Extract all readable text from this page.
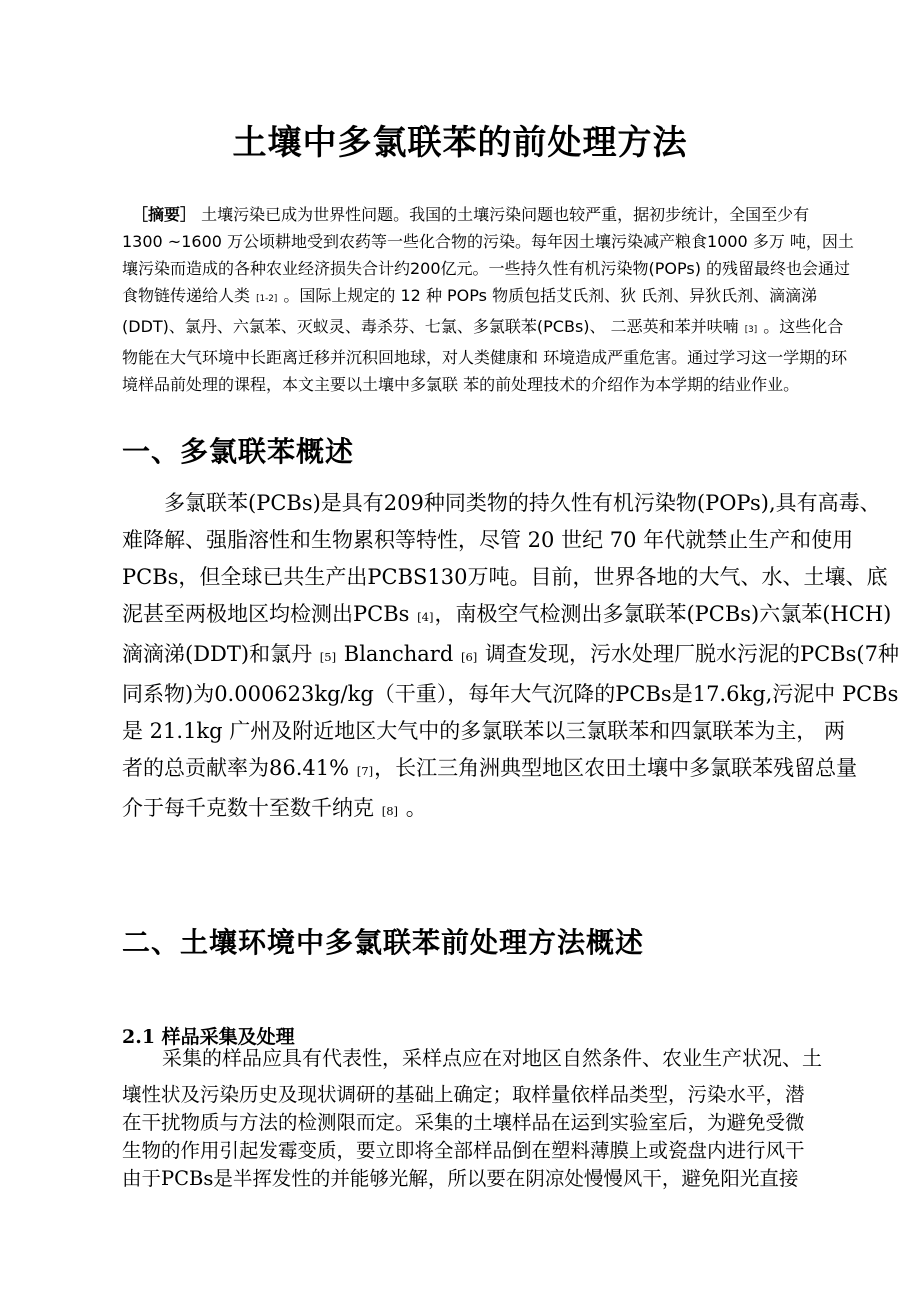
土壤中多氯联苯的前处理方法
［摘要］ 土壤污染已成为世界性问题。我国的土壤污染问题也较严重，据初步统计，全国至少有
1300 ~1600 万公顷耕地受到农药等一些化合物的污染。每年因土壤污染减产粮食1000 多万 吨，因土
壤污染而造成的各种农业经济损失合计约200亿元。一些持久性有机污染物(POPs) 的残留最终也会通过
食物链传递给人类 [1-2] 。国际上规定的 12 种 POPs 物质包括艾氏剂、狄 氏剂、异狄氏剂、滴滴涕
(DDT)、氯丹、六氯苯、灭蚁灵、毒杀芬、七氯、多氯联苯(PCBs)、 二恶英和苯并呋喃 [3] 。这些化合
物能在大气环境中长距离迁移并沉积回地球，对人类健康和 环境造成严重危害。通过学习这一学期的环
境样品前处理的课程，本文主要以土壤中多氯联 苯的前处理技术的介绍作为本学期的结业作业。
一、多氯联苯概述
多氯联苯(PCBs)是具有209种同类物的持久性有机污染物(POPs),具有高毒、
难降解、强脂溶性和生物累积等特性，尽管 20 世纪 70 年代就禁止生产和使用
PCBs，但全球已共生产出PCBS130万吨。目前，世界各地的大气、水、土壤、底
泥甚至两极地区均检测出PCBs [4]，南极空气检测出多氯联苯(PCBs)六氯苯(HCH)
滴滴涕(DDT)和氯丹 [5] Blanchard [6] 调查发现，污水处理厂脱水污泥的PCBs(7种
同系物)为0.000623kg/kg（干重），每年大气沉降的PCBs是17.6kg,污泥中 PCBs
是 21.1kg 广州及附近地区大气中的多氯联苯以三氯联苯和四氯联苯为主， 两
者的总贡献率为86.41% [7]，长江三角洲典型地区农田土壤中多氯联苯残留总量
介于每千克数十至数千纳克 [8] 。
二、土壤环境中多氯联苯前处理方法概述
2.1 样品采集及处理
采集的样品应具有代表性，采样点应在对地区自然条件、农业生产状况、土
壤性状及污染历史及现状调研的基础上确定；取样量依样品类型，污染水平，潜
在干扰物质与方法的检测限而定。采集的土壤样品在运到实验室后，为避免受微
生物的作用引起发霉变质，要立即将全部样品倒在塑料薄膜上或瓷盘内进行风干
由于PCBs是半挥发性的并能够光解，所以要在阴凉处慢慢风干，避免阳光直接
